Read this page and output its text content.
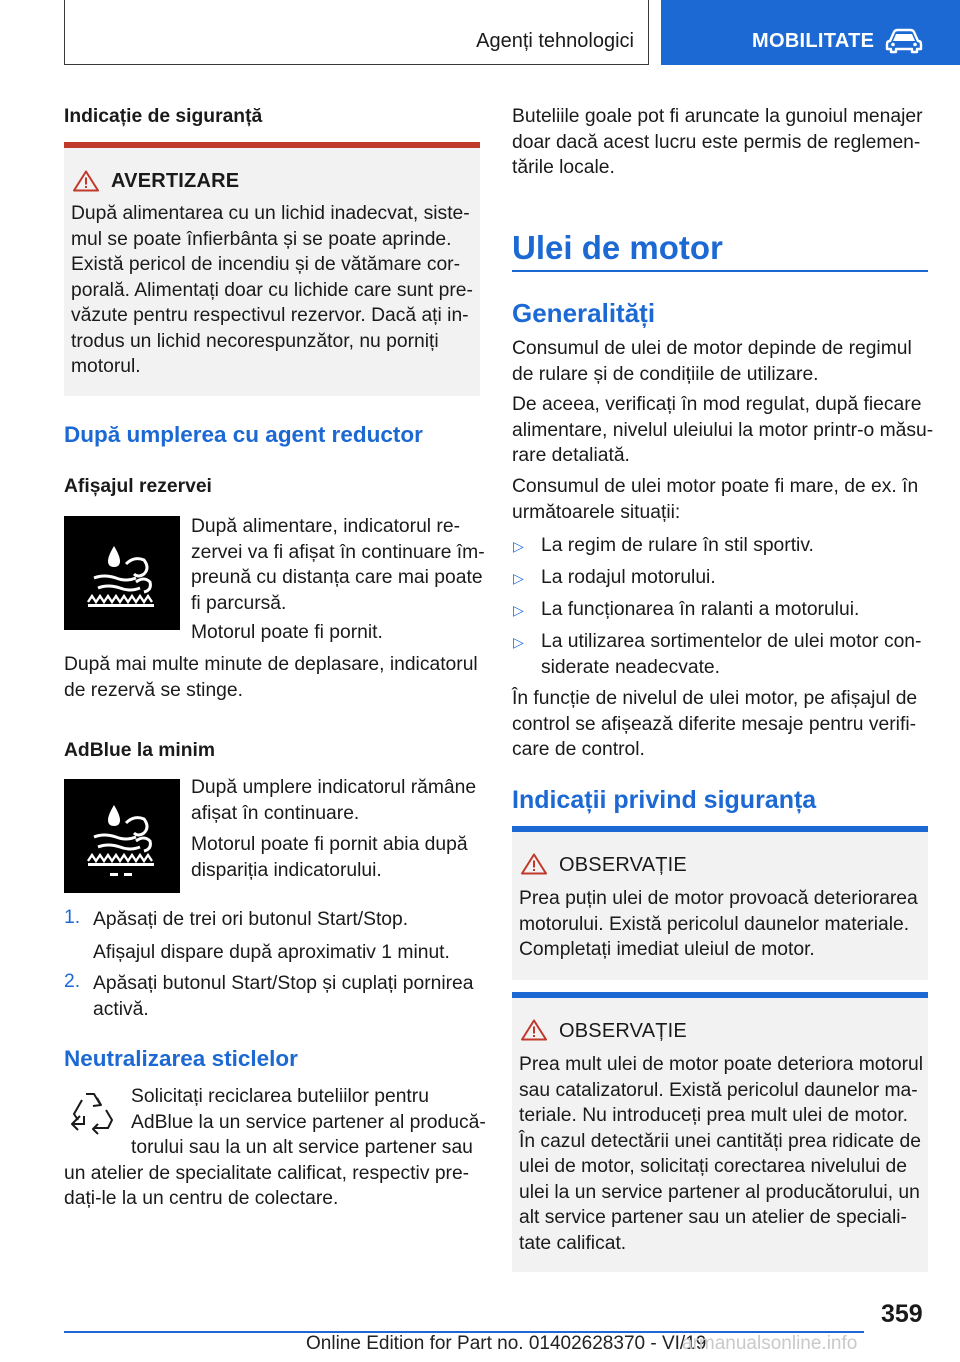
Agenți tehnologici	MOBILITATE
Indicație de siguranță
AVERTIZARE
După alimentarea cu un lichid inadecvat, siste-
mul se poate înfierbânta și se poate aprinde.
Există pericol de incendiu și de vătămare cor-
porală. Alimentați doar cu lichide care sunt pre-
văzute pentru respectivul rezervor. Dacă ați in-
trodus un lichid necorespunzător, nu porniți
motorul.
După umplerea cu agent reductor
Afișajul rezervei
După alimentare, indicatorul re-
zervei va fi afișat în continuare îm-
preună cu distanța care mai poate
fi parcursă.
Motorul poate fi pornit.
După mai multe minute de deplasare, indicatorul
de rezervă se stinge.
AdBlue la minim
După umplere indicatorul rămâne
afișat în continuare.
Motorul poate fi pornit abia după
dispariția indicatorului.
1. Apăsați de trei ori butonul Start/Stop.
Afișajul dispare după aproximativ 1 minut.
2. Apăsați butonul Start/Stop și cuplați pornirea
activă.
Neutralizarea sticlelor
Solicitați reciclarea buteliilor pentru
AdBlue la un service partener al producă-
torului sau la un alt service partener sau
un atelier de specialitate calificat, respectiv pre-
dați-le la un centru de colectare.
Buteliile goale pot fi aruncate la gunoiul menajer
doar dacă acest lucru este permis de reglemen-
tările locale.
Ulei de motor
Generalități
Consumul de ulei de motor depinde de regimul
de rulare și de condițiile de utilizare.
De aceea, verificați în mod regulat, după fiecare
alimentare, nivelul uleiului la motor printr-o măsu-
rare detaliată.
Consumul de ulei motor poate fi mare, de ex. în
următoarele situații:
▷ La regim de rulare în stil sportiv.
▷ La rodajul motorului.
▷ La funcționarea în ralanti a motorului.
▷ La utilizarea sortimentelor de ulei motor con-
siderate neadecvate.
În funcție de nivelul de ulei motor, pe afișajul de
control se afișează diferite mesaje pentru verifi-
care de control.
Indicații privind siguranța
OBSERVAȚIE
Prea puțin ulei de motor provoacă deteriorarea
motorului. Există pericolul daunelor materiale.
Completați imediat uleiul de motor.
OBSERVAȚIE
Prea mult ulei de motor poate deteriora motorul
sau catalizatorul. Există pericolul daunelor ma-
teriale. Nu introduceți prea mult ulei de motor.
În cazul detectării unei cantități prea ridicate de
ulei de motor, solicitați corectarea nivelului de
ulei la un service partener al producătorului, un
alt service partener sau un atelier de speciali-
tate calificat.
359
Online Edition for Part no. 01402628370 - VI/19
armanualsonline.info
